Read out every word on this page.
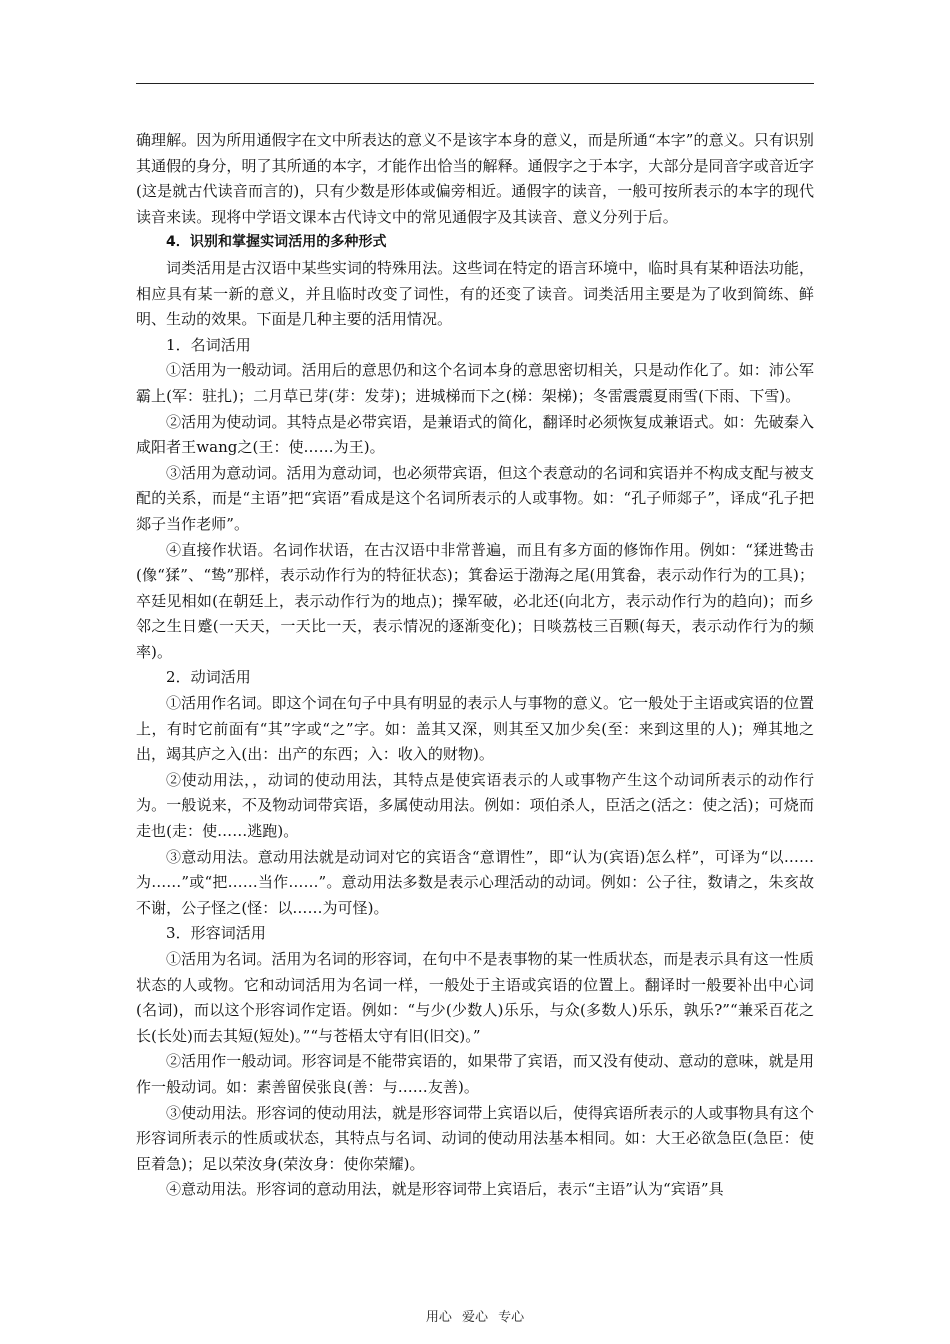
确理解。因为所用通假字在文中所表达的意义不是该字本身的意义，而是所通“本字”的意义。只有识别其通假的身分，明了其所通的本字，才能作出恰当的解释。通假字之于本字，大部分是同音字或音近字(这是就古代读音而言的)，只有少数是形体或偏旁相近。通假字的读音，一般可按所表示的本字的现代读音来读。现将中学语文课本古代诗文中的常见通假字及其读音、意义分列于后。

4．识别和掌握实词活用的多种形式

词类活用是古汉语中某些实词的特殊用法。这些词在特定的语言环境中，临时具有某种语法功能，相应具有某一新的意义，并且临时改变了词性，有的还变了读音。词类活用主要是为了收到简练、鲜明、生动的效果。下面是几种主要的活用情况。

1．名词活用

①活用为一般动词。活用后的意思仍和这个名词本身的意思密切相关，只是动作化了。如：沛公军霸上(军：驻扎)；二月草已芽(芽：发芽)；进城梯而下之(梯：架梯)；冬雷震震夏雨雪(下雨、下雪)。

②活用为使动词。其特点是必带宾语，是兼语式的简化，翻译时必须恢复成兼语式。如：先破秦入咸阳者王wang之(王：使……为王)。

③活用为意动词。活用为意动词，也必须带宾语，但这个表意动的名词和宾语并不构成支配与被支配的关系，而是“主语”把“宾语”看成是这个名词所表示的人或事物。如：“孔子师郯子”，译成“孔子把郯子当作老师”。

④直接作状语。名词作状语，在古汉语中非常普遍，而且有多方面的修饰作用。例如：“猱进鸷击(像“猱”、“鸷”那样，表示动作行为的特征状态)；箕畚运于渤海之尾(用箕畚，表示动作行为的工具)；卒廷见相如(在朝廷上，表示动作行为的地点)；操军破，必北还(向北方，表示动作行为的趋向)；而乡邻之生日蹙(一天天，一天比一天，表示情况的逐渐变化)；日啖荔枝三百颗(每天，表示动作行为的频率)。

2．动词活用

①活用作名词。即这个词在句子中具有明显的表示人与事物的意义。它一般处于主语或宾语的位置上，有时它前面有“其”字或“之”字。如：盖其又深，则其至又加少矣(至：来到这里的人)；殚其地之出，竭其庐之入(出：出产的东西；入：收入的财物)。

②使动用法，，动词的使动用法，其特点是使宾语表示的人或事物产生这个动词所表示的动作行为。一般说来，不及物动词带宾语，多属使动用法。例如：项伯杀人，臣活之(活之：使之活)；可烧而走也(走：使……逃跑)。

③意动用法。意动用法就是动词对它的宾语含“意谓性”，即“认为(宾语)怎么样”，可译为“以……为……”或“把……当作……”。意动用法多数是表示心理活动的动词。例如：公子往，数请之，朱亥故不谢，公子怪之(怪：以……为可怪)。

3．形容词活用

①活用为名词。活用为名词的形容词，在句中不是表事物的某一性质状态，而是表示具有这一性质状态的人或物。它和动词活用为名词一样，一般处于主语或宾语的位置上。翻译时一般要补出中心词(名词)，而以这个形容词作定语。例如：“与少(少数人)乐乐，与众(多数人)乐乐，孰乐?”“兼采百花之长(长处)而去其短(短处)。”“与苍梧太守有旧(旧交)。”

②活用作一般动词。形容词是不能带宾语的，如果带了宾语，而又没有使动、意动的意味，就是用作一般动词。如：素善留侯张良(善：与……友善)。

③使动用法。形容词的使动用法，就是形容词带上宾语以后，使得宾语所表示的人或事物具有这个形容词所表示的性质或状态，其特点与名词、动词的使动用法基本相同。如：大王必欲急臣(急臣：使臣着急)；足以荣汝身(荣汝身：使你荣耀)。

④意动用法。形容词的意动用法，就是形容词带上宾语后，表示“主语”认为“宾语”具

用心 爱心 专心
